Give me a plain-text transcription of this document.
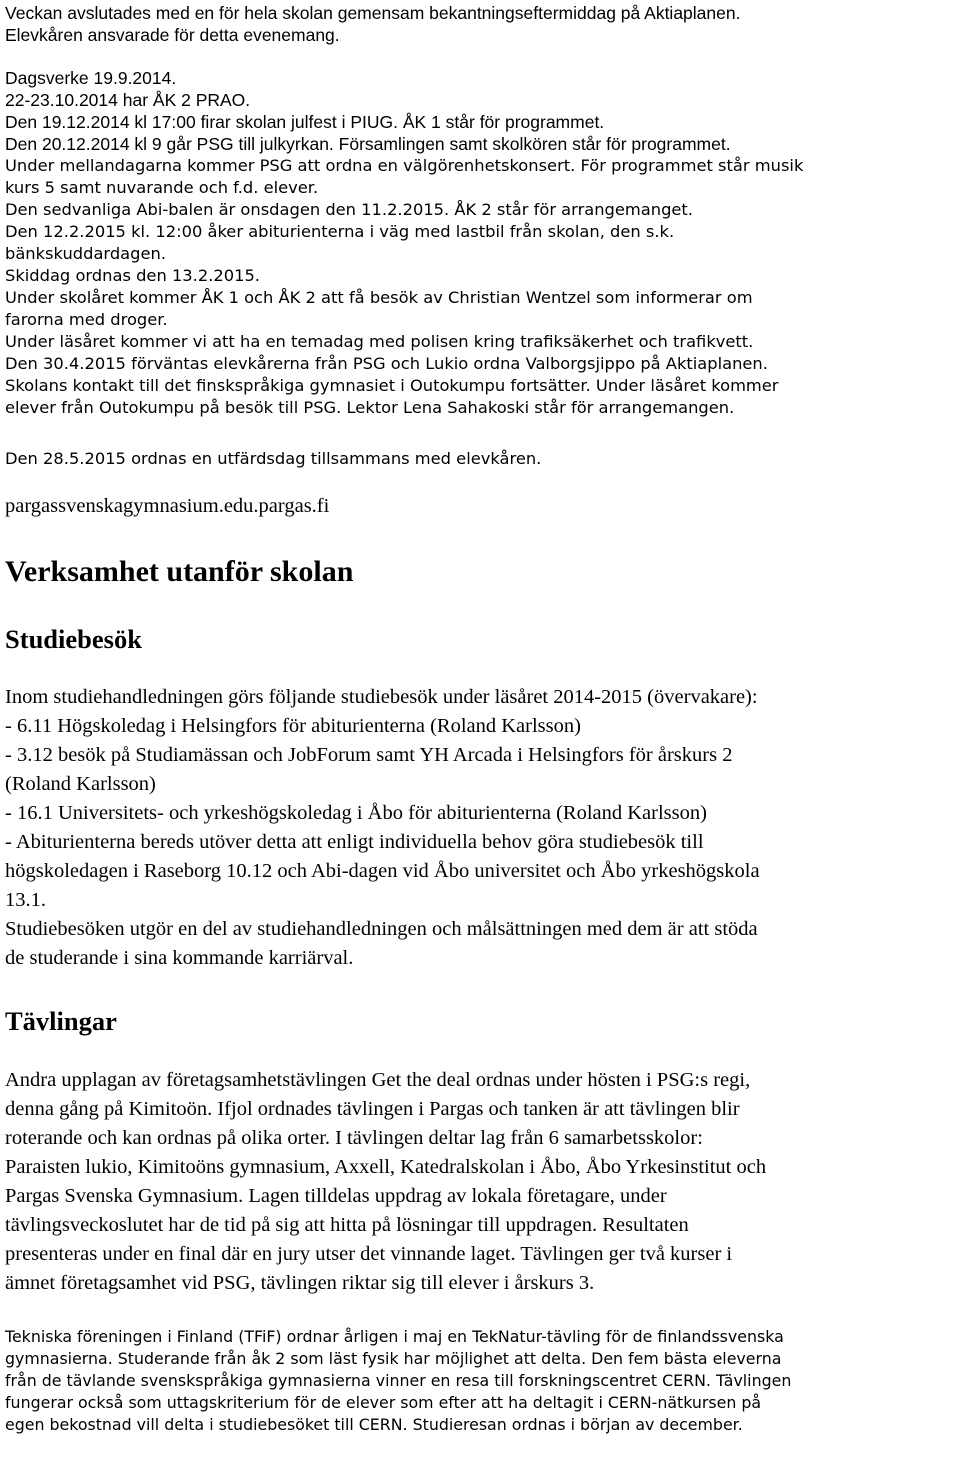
Veckan avslutades med en för hela skolan gemensam bekantningseftermiddag på Aktiaplanen.

Elevkåren ansvarade för detta evenemang.

Dagsverke 19.9.2014.

22-23.10.2014 har ÅK 2 PRAO.

Den 19.12.2014 kl 17:00 firar skolan julfest i PIUG. ÅK 1 står för programmet.

Den 20.12.2014 kl 9 går PSG till julkyrkan. Församlingen samt skolkören står för programmet.

Under mellandagarna kommer PSG att ordna en välgörenhetskonsert. För programmet står musik

kurs 5 samt nuvarande och f.d. elever.

Den sedvanliga Abi-balen är onsdagen den 11.2.2015. ÅK 2 står för arrangemanget.

Den 12.2.2015 kl. 12:00 åker abiturienterna i väg med lastbil från skolan, den s.k.

bänkskuddardagen.

Skiddag ordnas den 13.2.2015.

Under skolåret kommer ÅK 1 och ÅK 2 att få besök av Christian Wentzel som informerar om

farorna med droger.

Under läsåret kommer vi att ha en temadag med polisen kring trafiksäkerhet och trafikvett.

Den 30.4.2015 förväntas elevkårerna från PSG och Lukio ordna Valborgsjippo på Aktiaplanen.

Skolans kontakt till det finskspråkiga gymnasiet i Outokumpu fortsätter. Under läsåret kommer

elever från Outokumpu på besök till PSG. Lektor Lena Sahakoski står för arrangemangen.

Den 28.5.2015 ordnas en utfärdsdag tillsammans med elevkåren.

pargassvenskagymnasium.edu.pargas.fi

Verksamhet utanför skolan
Studiebesök

Inom studiehandledningen görs följande studiebesök under läsåret 2014-2015 (övervakare):

- 6.11 Högskoledag i Helsingfors för abiturienterna (Roland Karlsson)

- 3.12 besök på Studiamässan och JobForum samt YH Arcada i Helsingfors för årskurs 2

(Roland Karlsson)

- 16.1 Universitets- och yrkeshögskoledag i Åbo för abiturienterna (Roland Karlsson)

- Abiturienterna bereds utöver detta att enligt individuella behov göra studiebesök till

högskoledagen i Raseborg 10.12 och Abi-dagen vid Åbo universitet och Åbo yrkeshögskola

13.1.

Studiebesöken utgör en del av studiehandledningen och målsättningen med dem är att stöda

de studerande i sina kommande karriärval.

Tävlingar

Andra upplagan av företagsamhetstävlingen Get the deal ordnas under hösten i PSG:s regi,

denna gång på Kimitoön. Ifjol ordnades tävlingen i Pargas och tanken är att tävlingen blir

roterande och kan ordnas på olika orter. I tävlingen deltar lag från 6 samarbetsskolor:

Paraisten lukio, Kimitoöns gymnasium, Axxell, Katedralskolan i Åbo, Åbo Yrkesinstitut och

Pargas Svenska Gymnasium. Lagen tilldelas uppdrag av lokala företagare, under

tävlingsveckoslutet har de tid på sig att hitta på lösningar till uppdragen. Resultaten

presenteras under en final där en jury utser det vinnande laget. Tävlingen ger två kurser i

ämnet företagsamhet vid PSG, tävlingen riktar sig till elever i årskurs 3.

Tekniska föreningen i Finland (TFiF) ordnar årligen i maj en TekNatur-tävling för de finlandssvenska

gymnasierna. Studerande från åk 2 som läst fysik har möjlighet att delta. Den fem bästa eleverna

från de tävlande svenskspråkiga gymnasierna vinner en resa till forskningscentret CERN. Tävlingen

fungerar också som uttagskriterium för de elever som efter att ha deltagit i CERN-nätkursen på

egen bekostnad vill delta i studiebesöket till CERN. Studieresan ordnas i början av december.
